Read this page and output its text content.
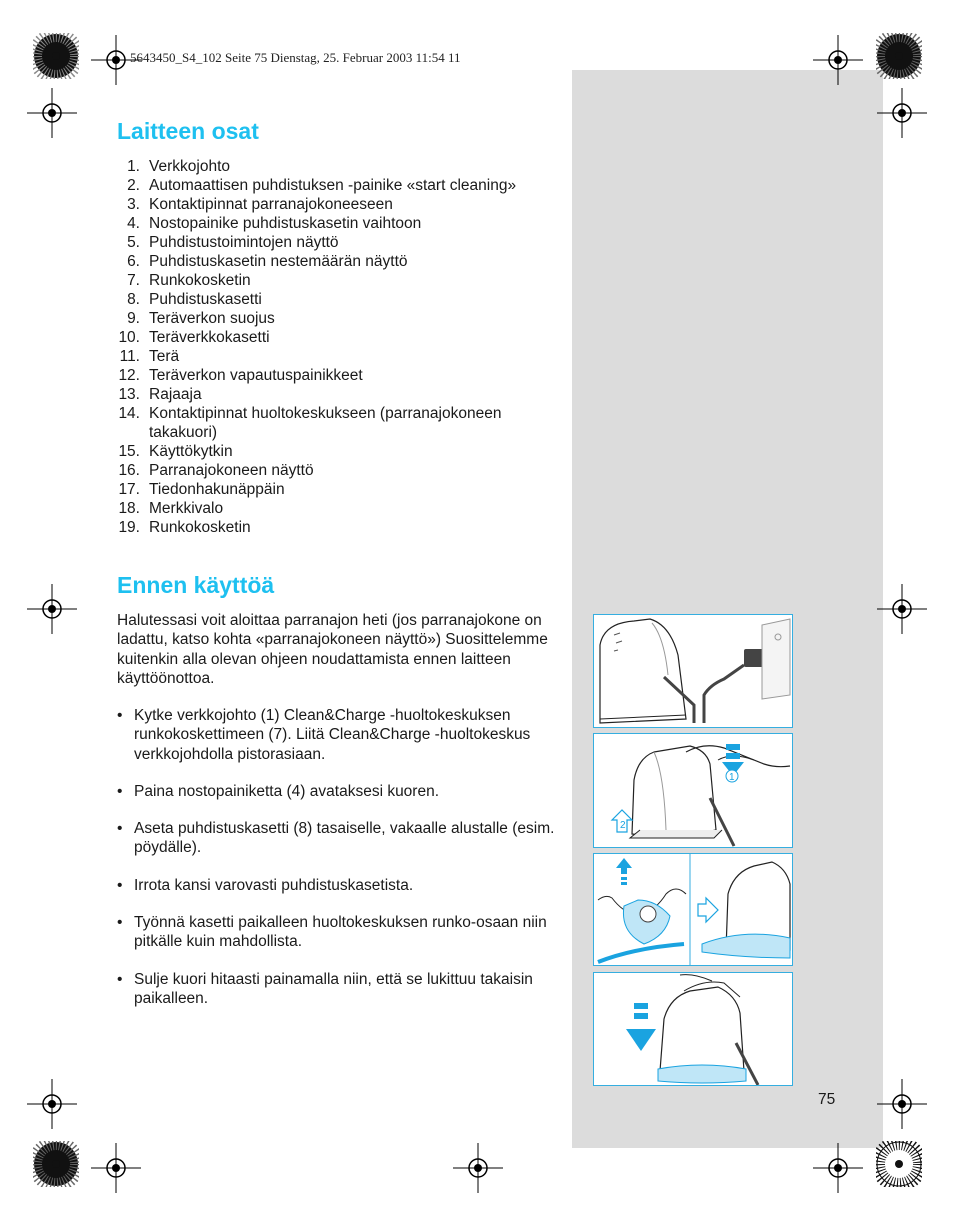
5643450_S4_102 Seite 75 Dienstag, 25. Februar 2003 11:54 11
Laitteen osat
1. Verkkojohto
2. Automaattisen puhdistuksen -painike «start cleaning»
3. Kontaktipinnat parranajokoneeseen
4. Nostopainike puhdistuskasetin vaihtoon
5. Puhdistustoimintojen näyttö
6. Puhdistuskasetin nestemäärän näyttö
7. Runkokosketin
8. Puhdistuskasetti
9. Teräverkon suojus
10. Teräverkkokasetti
11. Terä
12. Teräverkon vapautuspainikkeet
13. Rajaaja
14. Kontaktipinnat huoltokeskukseen (parranajokoneen takakuori)
15. Käyttökytkin
16. Parranajokoneen näyttö
17. Tiedonhakunäppäin
18. Merkkivalo
19. Runkokosketin
Ennen käyttöä

Halutessasi voit aloittaa parranajon heti (jos parranajokone on ladattu, katso kohta «parranajokoneen näyttö») Suosittelemme kuitenkin alla olevan ohjeen noudattamista ennen laitteen käyttöönottoa.

• Kytke verkkojohto (1) Clean&Charge -huoltokeskuksen runkokoskettimeen (7). Liitä Clean&Charge -huoltokeskus verkkojohdolla pistorasiaan.
• Paina nostopainiketta (4) avataksesi kuoren.
• Aseta puhdistuskasetti (8) tasaiselle, vakaalle alustalle (esim. pöydälle).
• Irrota kansi varovasti puhdistuskasetista.
• Työnnä kasetti paikalleen huoltokeskuksen runko-osaan niin pitkälle kuin mahdollista.
• Sulje kuori hitaasti painamalla niin, että se lukittuu takaisin paikalleen.
75
1
2
